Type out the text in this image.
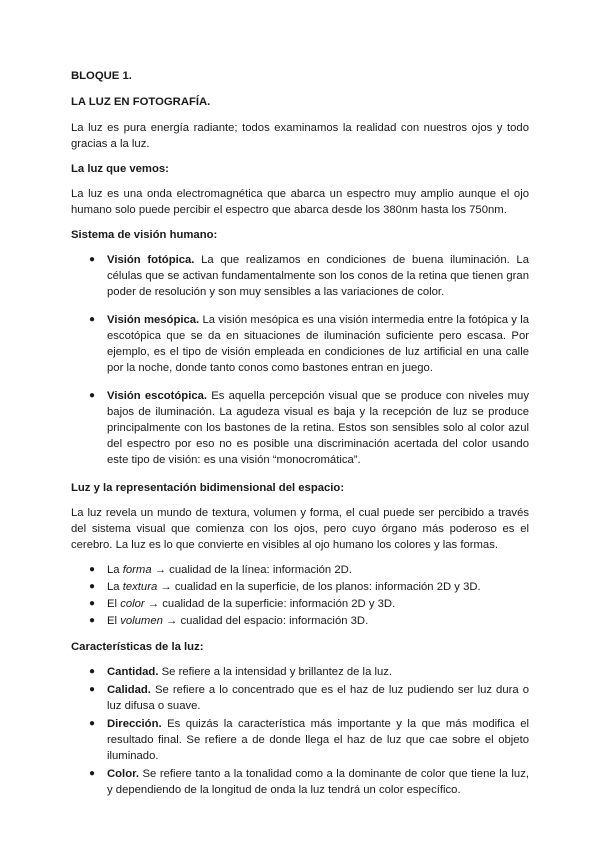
BLOQUE 1.
LA LUZ EN FOTOGRAFÍA.

La luz es pura energía radiante; todos examinamos la realidad con nuestros ojos y todo gracias a la luz.

La luz que vemos:

La luz es una onda electromagnética que abarca un espectro muy amplio aunque el ojo humano solo puede percibir el espectro que abarca desde los 380nm hasta los 750nm.

Sistema de visión humano:
● Visión fotópica. La que realizamos en condiciones de buena iluminación. La células que se activan fundamentalmente son los conos de la retina que tienen gran poder de resolución y son muy sensibles a las variaciones de color.
● Visión mesópica. La visión mesópica es una visión intermedia entre la fotópica y la escotópica que se da en situaciones de iluminación suficiente pero escasa. Por ejemplo, es el tipo de visión empleada en condiciones de luz artificial en una calle por la noche, donde tanto conos como bastones entran en juego.
● Visión escotópica. Es aquella percepción visual que se produce con niveles muy bajos de iluminación. La agudeza visual es baja y la recepción de luz se produce principalmente con los bastones de la retina. Estos son sensibles solo al color azul del espectro por eso no es posible una discriminación acertada del color usando este tipo de visión: es una visión “monocromática”.
Luz y la representación bidimensional del espacio:

La luz revela un mundo de textura, volumen y forma, el cual puede ser percibido a través del sistema visual que comienza con los ojos, pero cuyo órgano más poderoso es el cerebro. La luz es lo que convierte en visibles al ojo humano los colores y las formas.

● La forma → cualidad de la línea: información 2D.
● La textura → cualidad en la superficie, de los planos: información 2D y 3D.
● El color → cualidad de la superficie: información 2D y 3D.
● El volumen → cualidad del espacio: información 3D.
Características de la luz:
● Cantidad. Se refiere a la intensidad y brillantez de la luz.
● Calidad. Se refiere a lo concentrado que es el haz de luz pudiendo ser luz dura o luz difusa o suave.
● Dirección. Es quizás la característica más importante y la que más modifica el resultado final. Se refiere a de donde llega el haz de luz que cae sobre el objeto iluminado.
● Color. Se refiere tanto a la tonalidad como a la dominante de color que tiene la luz, y dependiendo de la longitud de onda la luz tendrá un color específico.
